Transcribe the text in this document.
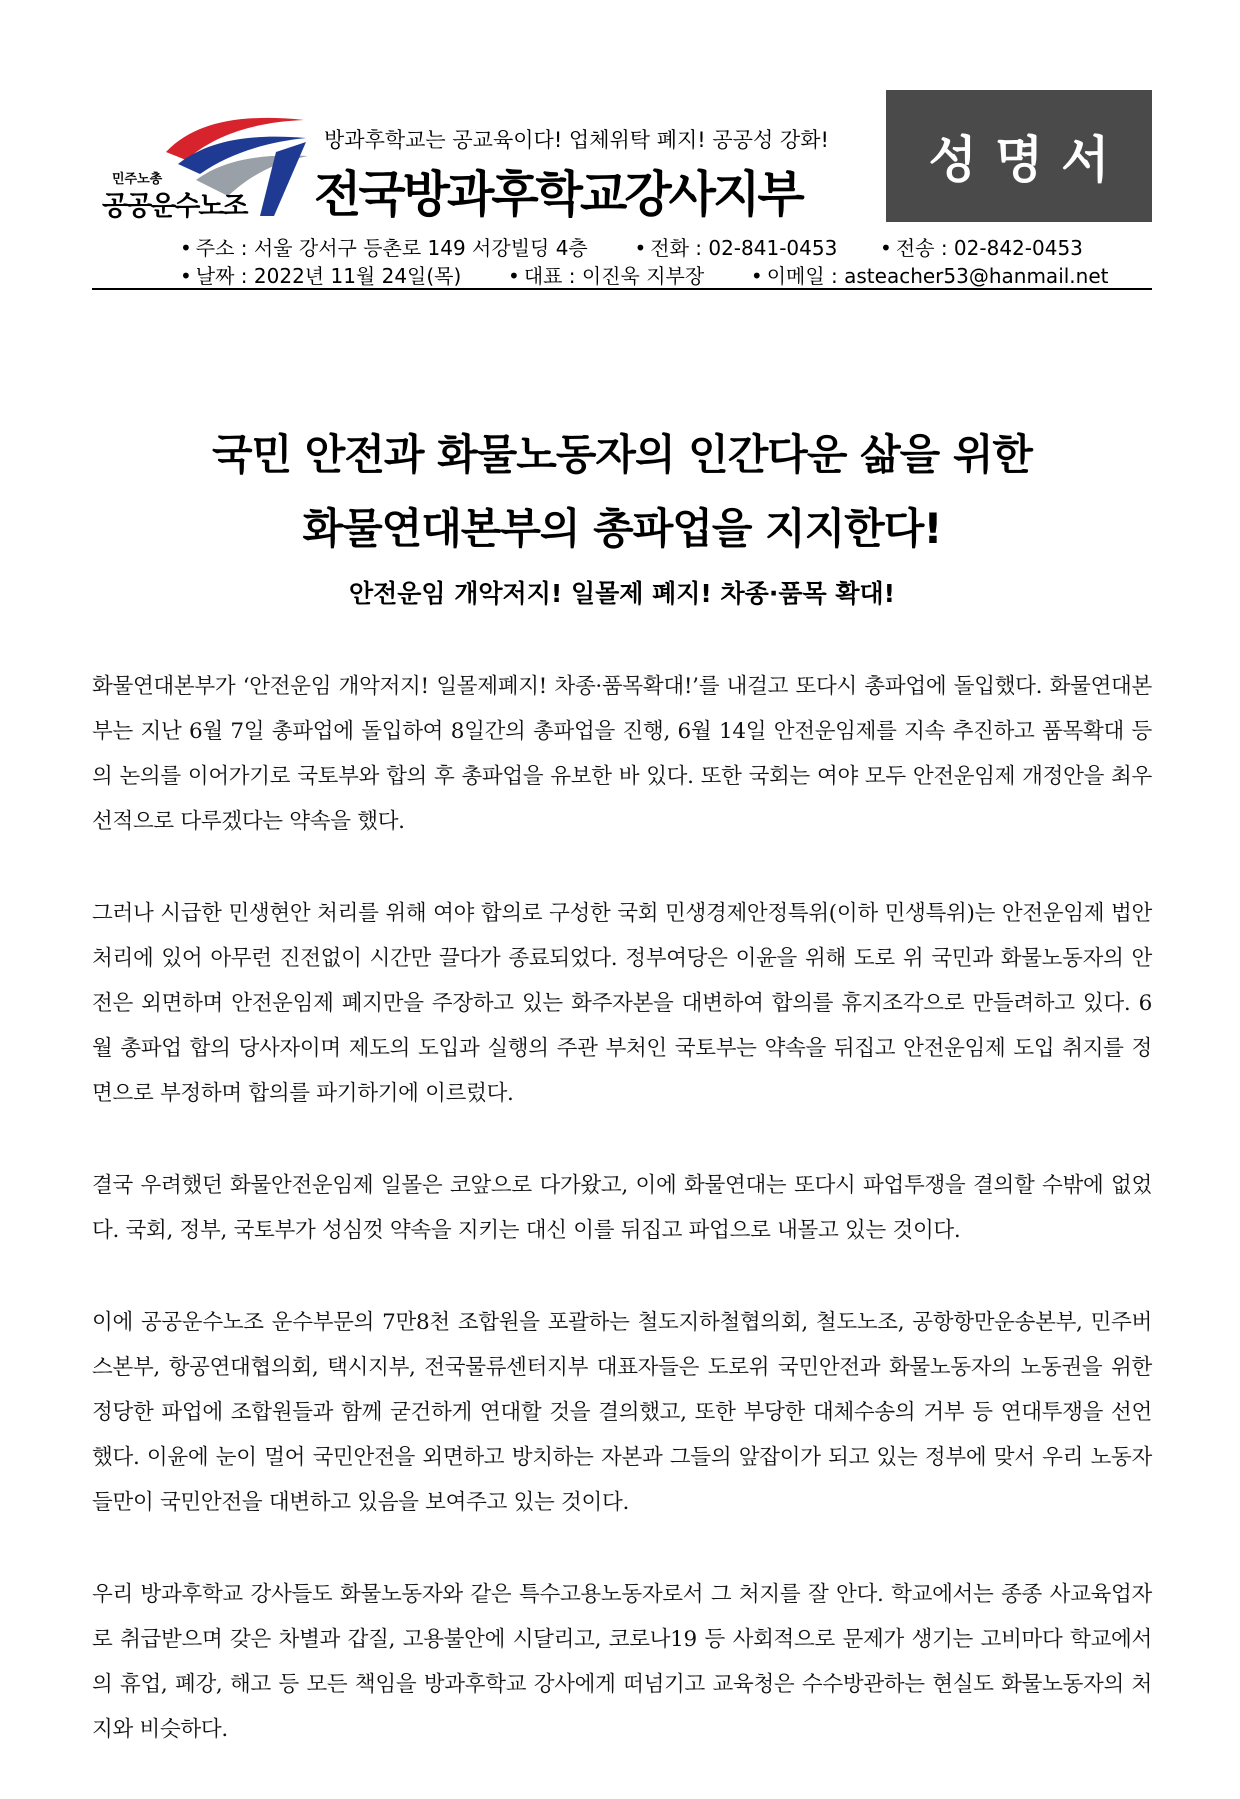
민주노총
공공운수노조
방과후학교는 공교육이다! 업체위탁 폐지! 공공성 강화!
전국방과후학교강사지부
성명서
• 주소 : 서울 강서구 등촌로 149 서강빌딩 4층 • 전화 : 02-841-0453 • 전송 : 02-842-0453
• 날짜 : 2022년 11월 24일(목) • 대표 : 이진욱 지부장 • 이메일 : asteacher53@hanmail.net
국민 안전과 화물노동자의 인간다운 삶을 위한
화물연대본부의 총파업을 지지한다!
안전운임 개악저지! 일몰제 폐지! 차종·품목 확대!

화물연대본부가 ‘안전운임 개악저지! 일몰제폐지! 차종·품목확대!’를 내걸고 또다시 총파업에 돌입했다. 화물연대본부는 지난 6월 7일 총파업에 돌입하여 8일간의 총파업을 진행, 6월 14일 안전운임제를 지속 추진하고 품목확대 등의 논의를 이어가기로 국토부와 합의 후 총파업을 유보한 바 있다. 또한 국회는 여야 모두 안전운임제 개정안을 최우선적으로 다루겠다는 약속을 했다.

그러나 시급한 민생현안 처리를 위해 여야 합의로 구성한 국회 민생경제안정특위(이하 민생특위)는 안전운임제 법안처리에 있어 아무런 진전없이 시간만 끌다가 종료되었다. 정부여당은 이윤을 위해 도로 위 국민과 화물노동자의 안전은 외면하며 안전운임제 폐지만을 주장하고 있는 화주자본을 대변하여 합의를 휴지조각으로 만들려하고 있다. 6월 총파업 합의 당사자이며 제도의 도입과 실행의 주관 부처인 국토부는 약속을 뒤집고 안전운임제 도입 취지를 정면으로 부정하며 합의를 파기하기에 이르렀다.

결국 우려했던 화물안전운임제 일몰은 코앞으로 다가왔고, 이에 화물연대는 또다시 파업투쟁을 결의할 수밖에 없었다. 국회, 정부, 국토부가 성심껏 약속을 지키는 대신 이를 뒤집고 파업으로 내몰고 있는 것이다.

이에 공공운수노조 운수부문의 7만8천 조합원을 포괄하는 철도지하철협의회, 철도노조, 공항항만운송본부, 민주버스본부, 항공연대협의회, 택시지부, 전국물류센터지부 대표자들은 도로위 국민안전과 화물노동자의 노동권을 위한 정당한 파업에 조합원들과 함께 굳건하게 연대할 것을 결의했고, 또한 부당한 대체수송의 거부 등 연대투쟁을 선언했다. 이윤에 눈이 멀어 국민안전을 외면하고 방치하는 자본과 그들의 앞잡이가 되고 있는 정부에 맞서 우리 노동자들만이 국민안전을 대변하고 있음을 보여주고 있는 것이다.

우리 방과후학교 강사들도 화물노동자와 같은 특수고용노동자로서 그 처지를 잘 안다. 학교에서는 종종 사교육업자로 취급받으며 갖은 차별과 갑질, 고용불안에 시달리고, 코로나19 등 사회적으로 문제가 생기는 고비마다 학교에서의 휴업, 폐강, 해고 등 모든 책임을 방과후학교 강사에게 떠넘기고 교육청은 수수방관하는 현실도 화물노동자의 처지와 비슷하다.
